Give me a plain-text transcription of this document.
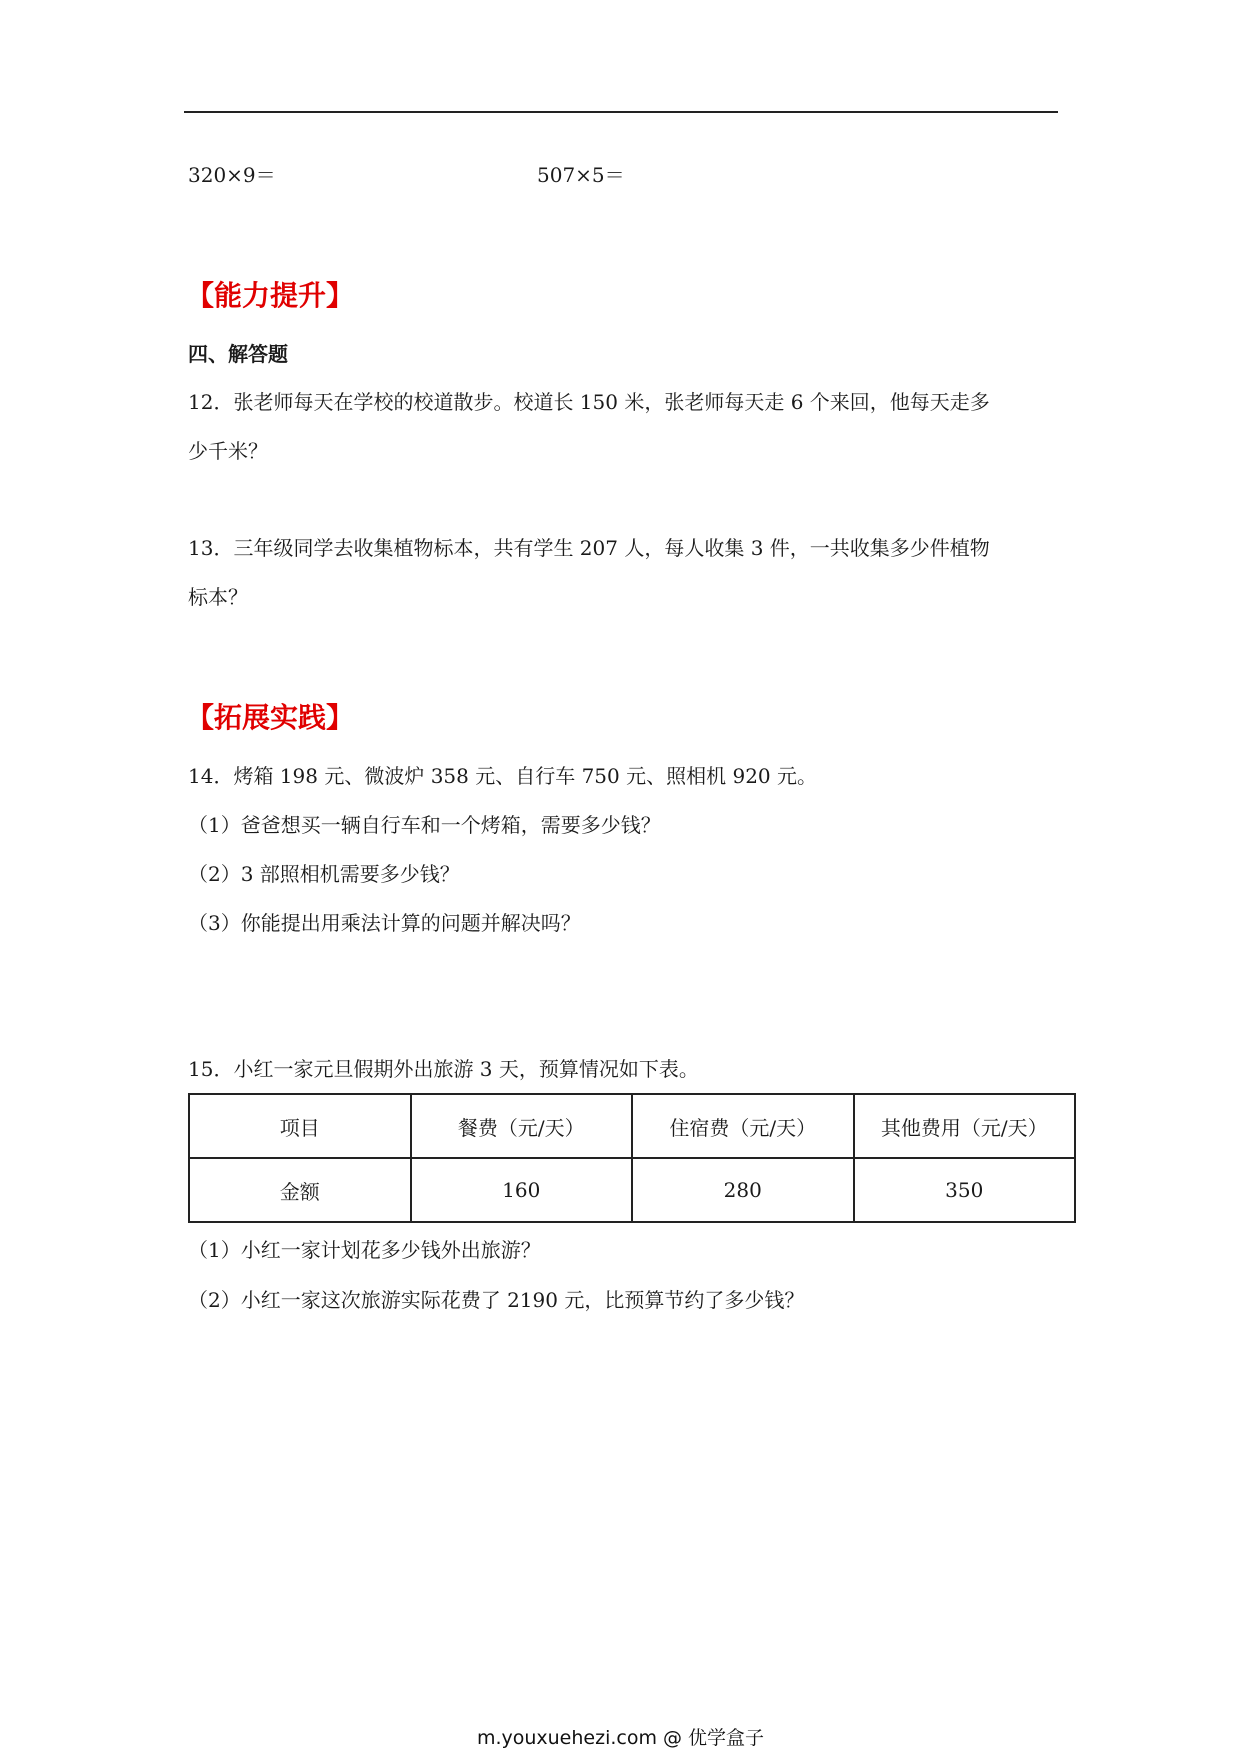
320×9＝	507×5＝
【能力提升】
四、解答题
12．张老师每天在学校的校道散步。校道长 150 米，张老师每天走 6 个来回，他每天走多
少千米？
13．三年级同学去收集植物标本，共有学生 207 人，每人收集 3 件，一共收集多少件植物
标本？
【拓展实践】
14．烤箱 198 元、微波炉 358 元、自行车 750 元、照相机 920 元。
（1）爸爸想买一辆自行车和一个烤箱，需要多少钱？
（2）3 部照相机需要多少钱？
（3）你能提出用乘法计算的问题并解决吗？
15．小红一家元旦假期外出旅游 3 天，预算情况如下表。
项目	餐费（元/天）	住宿费（元/天）	其他费用（元/天）
金额	160	280	350
（1）小红一家计划花多少钱外出旅游？
（2）小红一家这次旅游实际花费了 2190 元，比预算节约了多少钱？
m.youxuehezi.com @ 优学盒子
